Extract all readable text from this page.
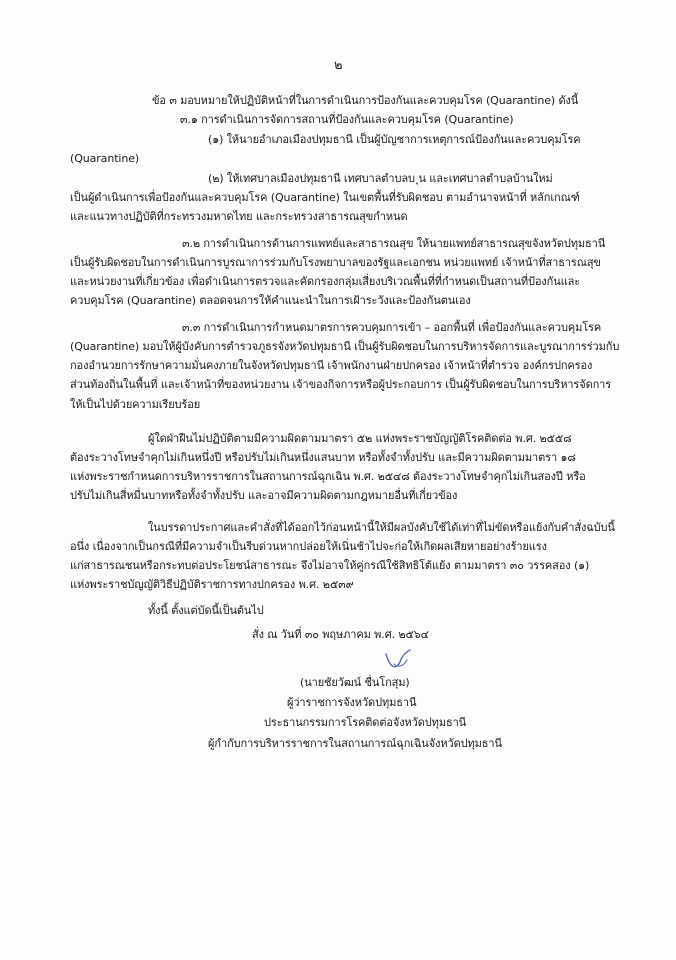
๒
ข้อ ๓ มอบหมายให้ปฏิบัติหน้าที่ในการดำเนินการป้องกันและควบคุมโรค (Quarantine) ดังนี้
๓.๑ การดำเนินการจัดการสถานที่ป้องกันและควบคุมโรค (Quarantine)
(๑) ให้นายอำเภอเมืองปทุมธานี เป็นผู้บัญชาการเหตุการณ์ป้องกันและควบคุมโรค
(Quarantine)
(๒) ให้เทศบาลเมืองปทุมธานี เทศบาลตำบลบ ุน และเทศบาลตำบลบ้านใหม่
เป็นผู้ดำเนินการเพื่อป้องกันและควบคุมโรค (Quarantine) ในเขตพื้นที่รับผิดชอบ ตามอำนาจหน้าที่ หลักเกณฑ์
และแนวทางปฏิบัติที่กระทรวงมหาดไทย และกระทรวงสาธารณสุขกำหนด
๓.๒ การดำเนินการด้านการแพทย์และสาธารณสุข ให้นายแพทย์สาธารณสุขจังหวัดปทุมธานี
เป็นผู้รับผิดชอบในการดำเนินการบูรณาการร่วมกับโรงพยาบาลของรัฐและเอกชน หน่วยแพทย์ เจ้าหน้าที่สาธารณสุข
และหน่วยงานที่เกี่ยวข้อง เพื่อดำเนินการตรวจและคัดกรองกลุ่มเสี่ยงบริเวณพื้นที่ที่กำหนดเป็นสถานที่ป้องกันและ
ควบคุมโรค (Quarantine) ตลอดจนการให้คำแนะนำในการเฝ้าระวังและป้องกันตนเอง
๓.๓ การดำเนินการกำหนดมาตรการควบคุมการเข้า – ออกพื้นที่ เพื่อป้องกันและควบคุมโรค
(Quarantine) มอบให้ผู้บังคับการตำรวจภูธรจังหวัดปทุมธานี เป็นผู้รับผิดชอบในการบริหารจัดการและบูรณาการร่วมกับ
กองอำนวยการรักษาความมั่นคงภายในจังหวัดปทุมธานี เจ้าพนักงานฝ่ายปกครอง เจ้าหน้าที่ตำรวจ องค์กรปกครอง
ส่วนท้องถิ่นในพื้นที่ และเจ้าหน้าที่ของหน่วยงาน เจ้าของกิจการหรือผู้ประกอบการ เป็นผู้รับผิดชอบในการบริหารจัดการ
ให้เป็นไปด้วยความเรียบร้อย
ผู้ใดฝ่าฝืนไม่ปฏิบัติตามมีความผิดตามมาตรา ๕๒ แห่งพระราชบัญญัติโรคติดต่อ พ.ศ. ๒๕๕๘
ต้องระวางโทษจำคุกไม่เกินหนึ่งปี หรือปรับไม่เกินหนึ่งแสนบาท หรือทั้งจำทั้งปรับ และมีความผิดตามมาตรา ๑๘
แห่งพระราชกำหนดการบริหารราชการในสถานการณ์ฉุกเฉิน พ.ศ. ๒๕๔๘ ต้องระวางโทษจำคุกไม่เกินสองปี หรือ
ปรับไม่เกินสี่หมื่นบาทหรือทั้งจำทั้งปรับ และอาจมีความผิดตามกฎหมายอื่นที่เกี่ยวข้อง
ในบรรดาประกาศและคำสั่งที่ได้ออกไว้ก่อนหน้านี้ให้มีผลบังคับใช้ได้เท่าที่ไม่ขัดหรือแย้งกับคำสั่งฉบับนี้
อนึ่ง เนื่องจากเป็นกรณีที่มีความจำเป็นรีบด่วนหากปล่อยให้เนิ่นช้าไปจะก่อให้เกิดผลเสียหายอย่างร้ายแรง
แก่สาธารณชนหรือกระทบต่อประโยชน์สาธารณะ จึงไม่อาจให้คู่กรณีใช้สิทธิโต้แย้ง ตามมาตรา ๓๐ วรรคสอง (๑)
แห่งพระราชบัญญัติวิธีปฏิบัติราชการทางปกครอง พ.ศ. ๒๕๓๙
ทั้งนี้ ตั้งแต่บัดนี้เป็นต้นไป
สั่ง ณ วันที่ ๓๐ พฤษภาคม พ.ศ. ๒๕๖๔
(นายชัยวัฒน์ ชื่นโกสุม)
ผู้ว่าราชการจังหวัดปทุมธานี
ประธานกรรมการโรคติดต่อจังหวัดปทุมธานี
ผู้กำกับการบริหารราชการในสถานการณ์ฉุกเฉินจังหวัดปทุมธานี
